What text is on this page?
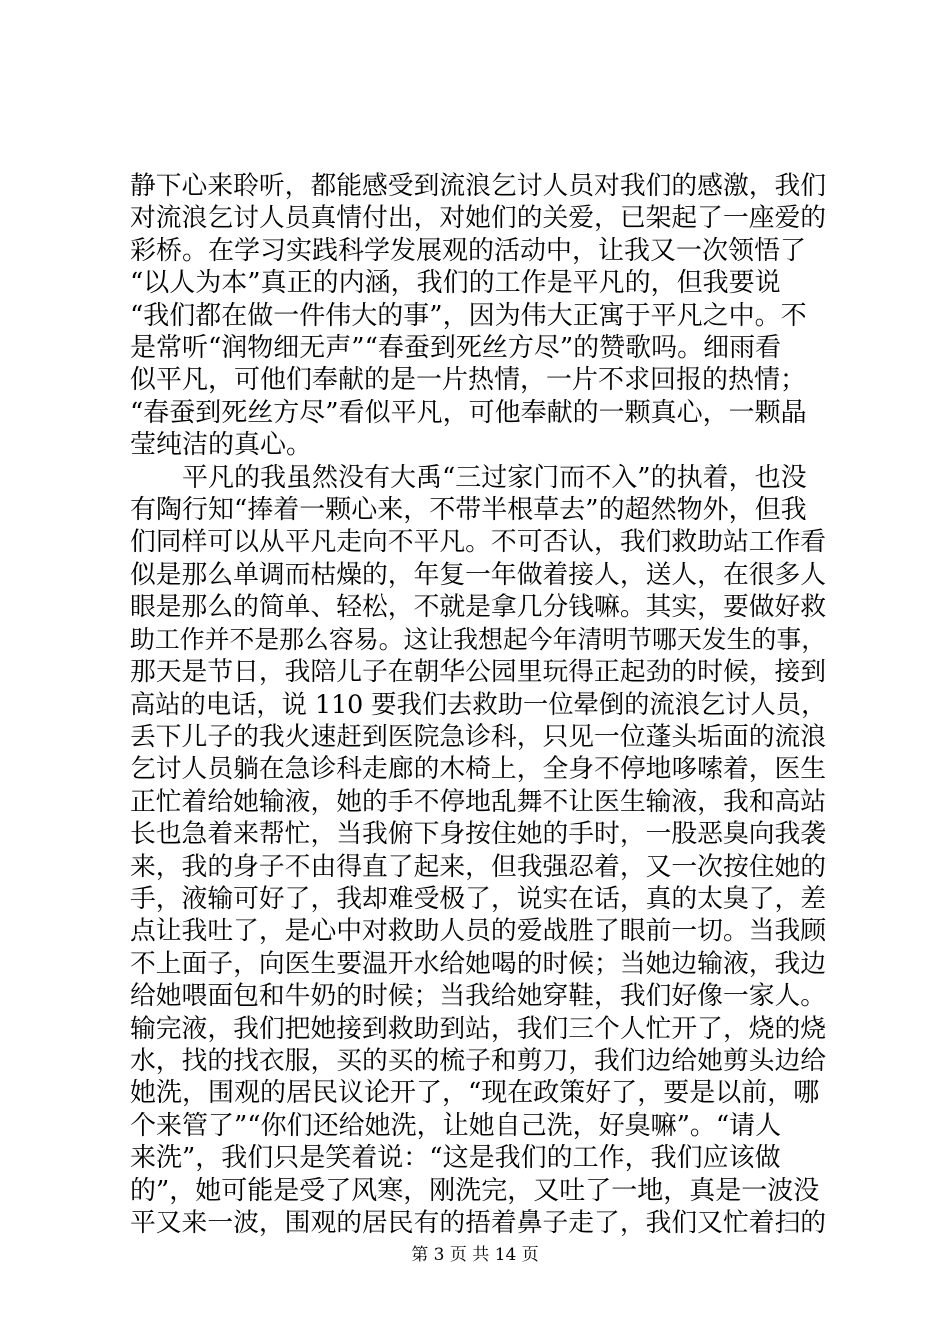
静下心来聆听，都能感受到流浪乞讨人员对我们的感激，我们
对流浪乞讨人员真情付出，对她们的关爱，已架起了一座爱的
彩桥。在学习实践科学发展观的活动中，让我又一次领悟了
“以人为本”真正的内涵，我们的工作是平凡的，但我要说
“我们都在做一件伟大的事”，因为伟大正寓于平凡之中。不
是常听“润物细无声”“春蚕到死丝方尽”的赞歌吗。细雨看
似平凡，可他们奉献的是一片热情，一片不求回报的热情；
“春蚕到死丝方尽”看似平凡，可他奉献的一颗真心，一颗晶
莹纯洁的真心。
　　平凡的我虽然没有大禹“三过家门而不入”的执着，也没
有陶行知“捧着一颗心来，不带半根草去”的超然物外，但我
们同样可以从平凡走向不平凡。不可否认，我们救助站工作看
似是那么单调而枯燥的，年复一年做着接人，送人，在很多人
眼是那么的简单、轻松，不就是拿几分钱嘛。其实，要做好救
助工作并不是那么容易。这让我想起今年清明节哪天发生的事，
那天是节日，我陪儿子在朝华公园里玩得正起劲的时候，接到
高站的电话，说 110 要我们去救助一位晕倒的流浪乞讨人员，
丢下儿子的我火速赶到医院急诊科，只见一位蓬头垢面的流浪
乞讨人员躺在急诊科走廊的木椅上，全身不停地哆嗦着，医生
正忙着给她输液，她的手不停地乱舞不让医生输液，我和高站
长也急着来帮忙，当我俯下身按住她的手时，一股恶臭向我袭
来，我的身子不由得直了起来，但我强忍着，又一次按住她的
手，液输可好了，我却难受极了，说实在话，真的太臭了，差
点让我吐了，是心中对救助人员的爱战胜了眼前一切。当我顾
不上面子，向医生要温开水给她喝的时候；当她边输液，我边
给她喂面包和牛奶的时候；当我给她穿鞋，我们好像一家人。
输完液，我们把她接到救助到站，我们三个人忙开了，烧的烧
水，找的找衣服，买的买的梳子和剪刀，我们边给她剪头边给
她洗，围观的居民议论开了，“现在政策好了，要是以前，哪
个来管了”“你们还给她洗，让她自己洗，好臭嘛”。“请人
来洗”，我们只是笑着说：“这是我们的工作，我们应该做
的”，她可能是受了风寒，刚洗完，又吐了一地，真是一波没
平又来一波，围观的居民有的捂着鼻子走了，我们又忙着扫的
第 3 页 共 14 页
